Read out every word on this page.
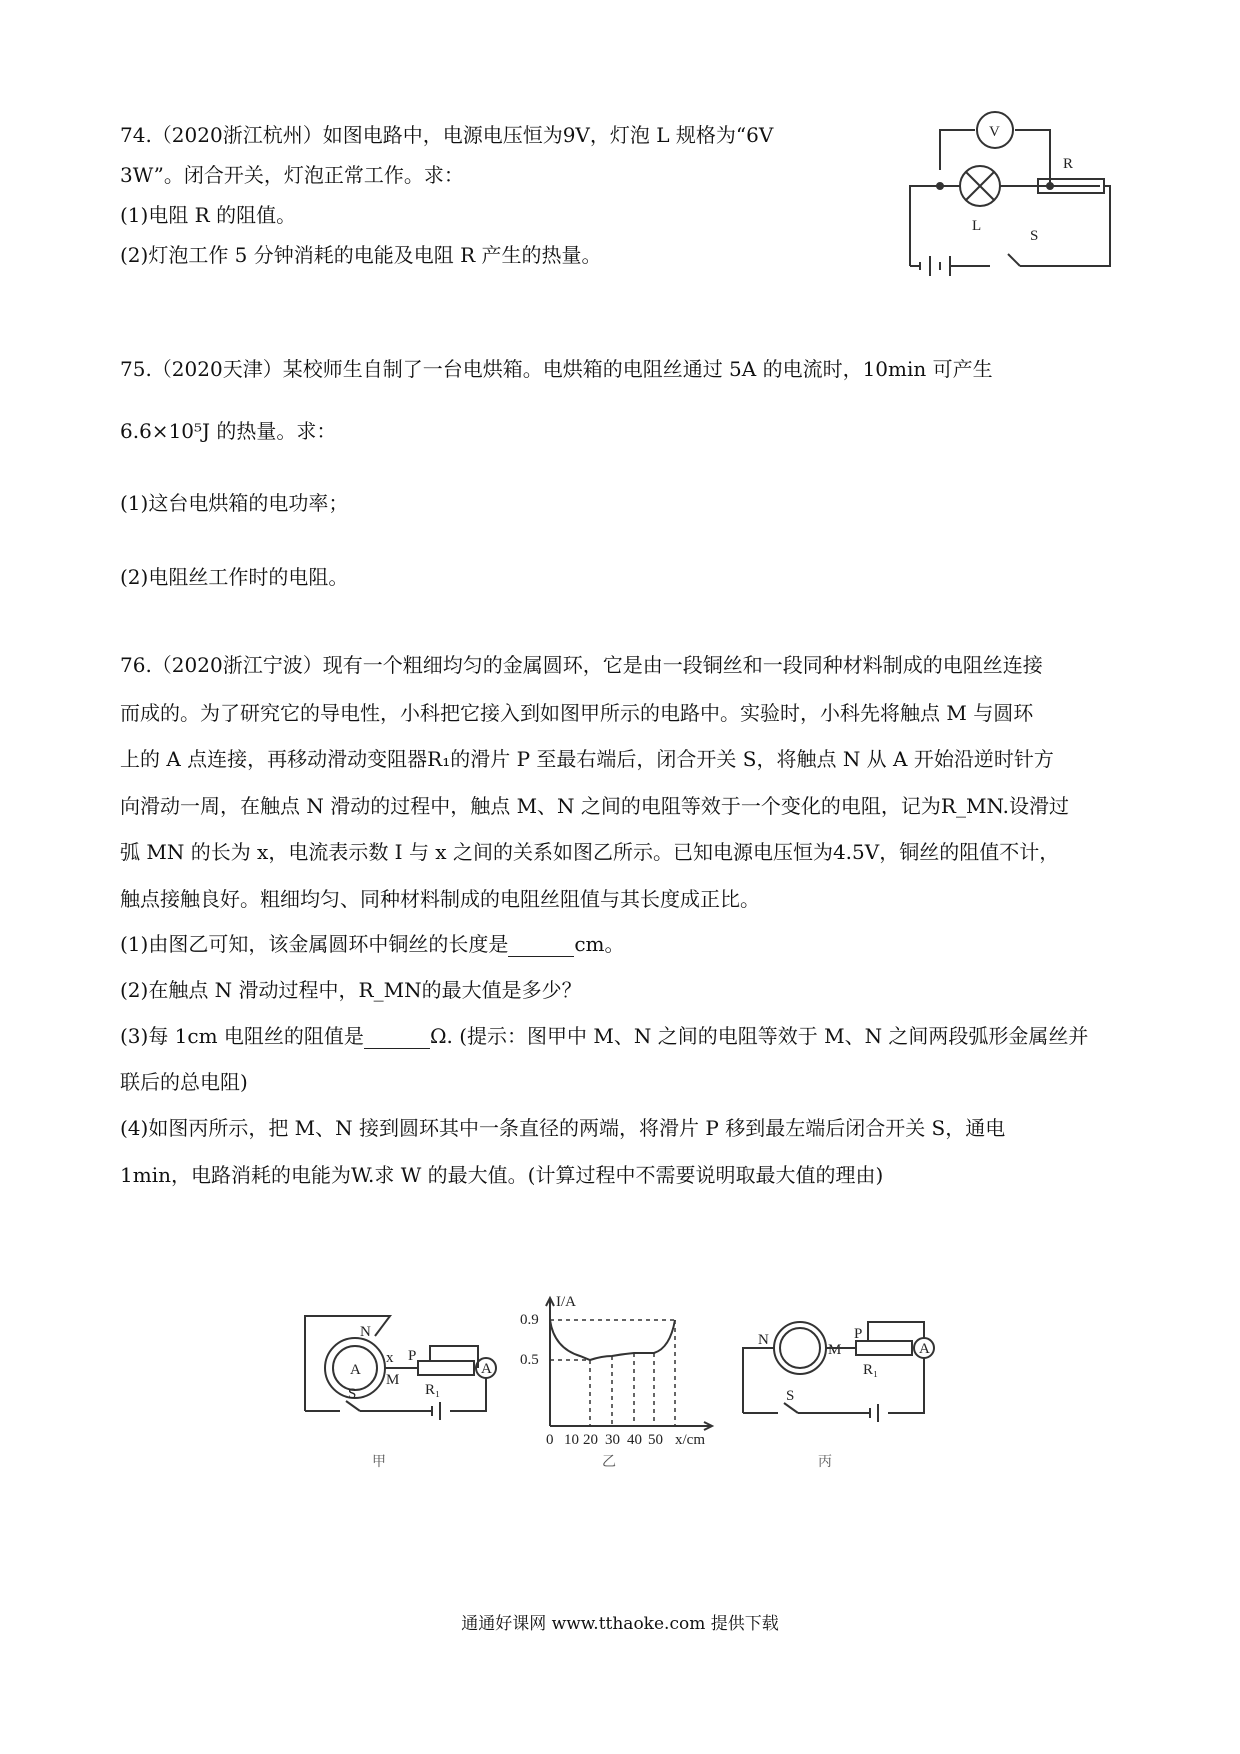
74.（2020浙江杭州）如图电路中，电源电压恒为9V，灯泡 L 规格为“6V
3W”。闭合开关，灯泡正常工作。求：
(1)电阻 R 的阻值。
(2)灯泡工作 5 分钟消耗的电能及电阻 R 产生的热量。
V
R
L
S
75.（2020天津）某校师生自制了一台电烘箱。电烘箱的电阻丝通过 5A 的电流时，10min 可产生
6.6×10⁵J 的热量。求：
(1)这台电烘箱的电功率；
(2)电阻丝工作时的电阻。
76.（2020浙江宁波）现有一个粗细均匀的金属圆环，它是由一段铜丝和一段同种材料制成的电阻丝连接
而成的。为了研究它的导电性，小科把它接入到如图甲所示的电路中。实验时，小科先将触点 M 与圆环
上的 A 点连接，再移动滑动变阻器R₁的滑片 P 至最右端后，闭合开关 S，将触点 N 从 A 开始沿逆时针方
向滑动一周，在触点 N 滑动的过程中，触点 M、N 之间的电阻等效于一个变化的电阻，记为R_MN.设滑过
弧 MN 的长为 x，电流表示数 I 与 x 之间的关系如图乙所示。已知电源电压恒为4.5V，铜丝的阻值不计，
触点接触良好。粗细均匀、同种材料制成的电阻丝阻值与其长度成正比。
(1)由图乙可知，该金属圆环中铜丝的长度是	cm。
(2)在触点 N 滑动过程中，R_MN的最大值是多少？
(3)每 1cm 电阻丝的阻值是	Ω. (提示：图甲中 M、N 之间的电阻等效于 M、N 之间两段弧形金属丝并
联后的总电阻)
(4)如图丙所示，把 M、N 接到圆环其中一条直径的两端，将滑片 P 移到最左端后闭合开关 S，通电
1min，电路消耗的电能为W.求 W 的最大值。(计算过程中不需要说明取最大值的理由)
N
A
x
M
P
R₁
A
S
甲
I/A
0.9
0.5
0 10 20 30 40 50 x/cm
乙
N
M
P
R₁
A
S
丙
通通好课网 www.tthaoke.com 提供下载
